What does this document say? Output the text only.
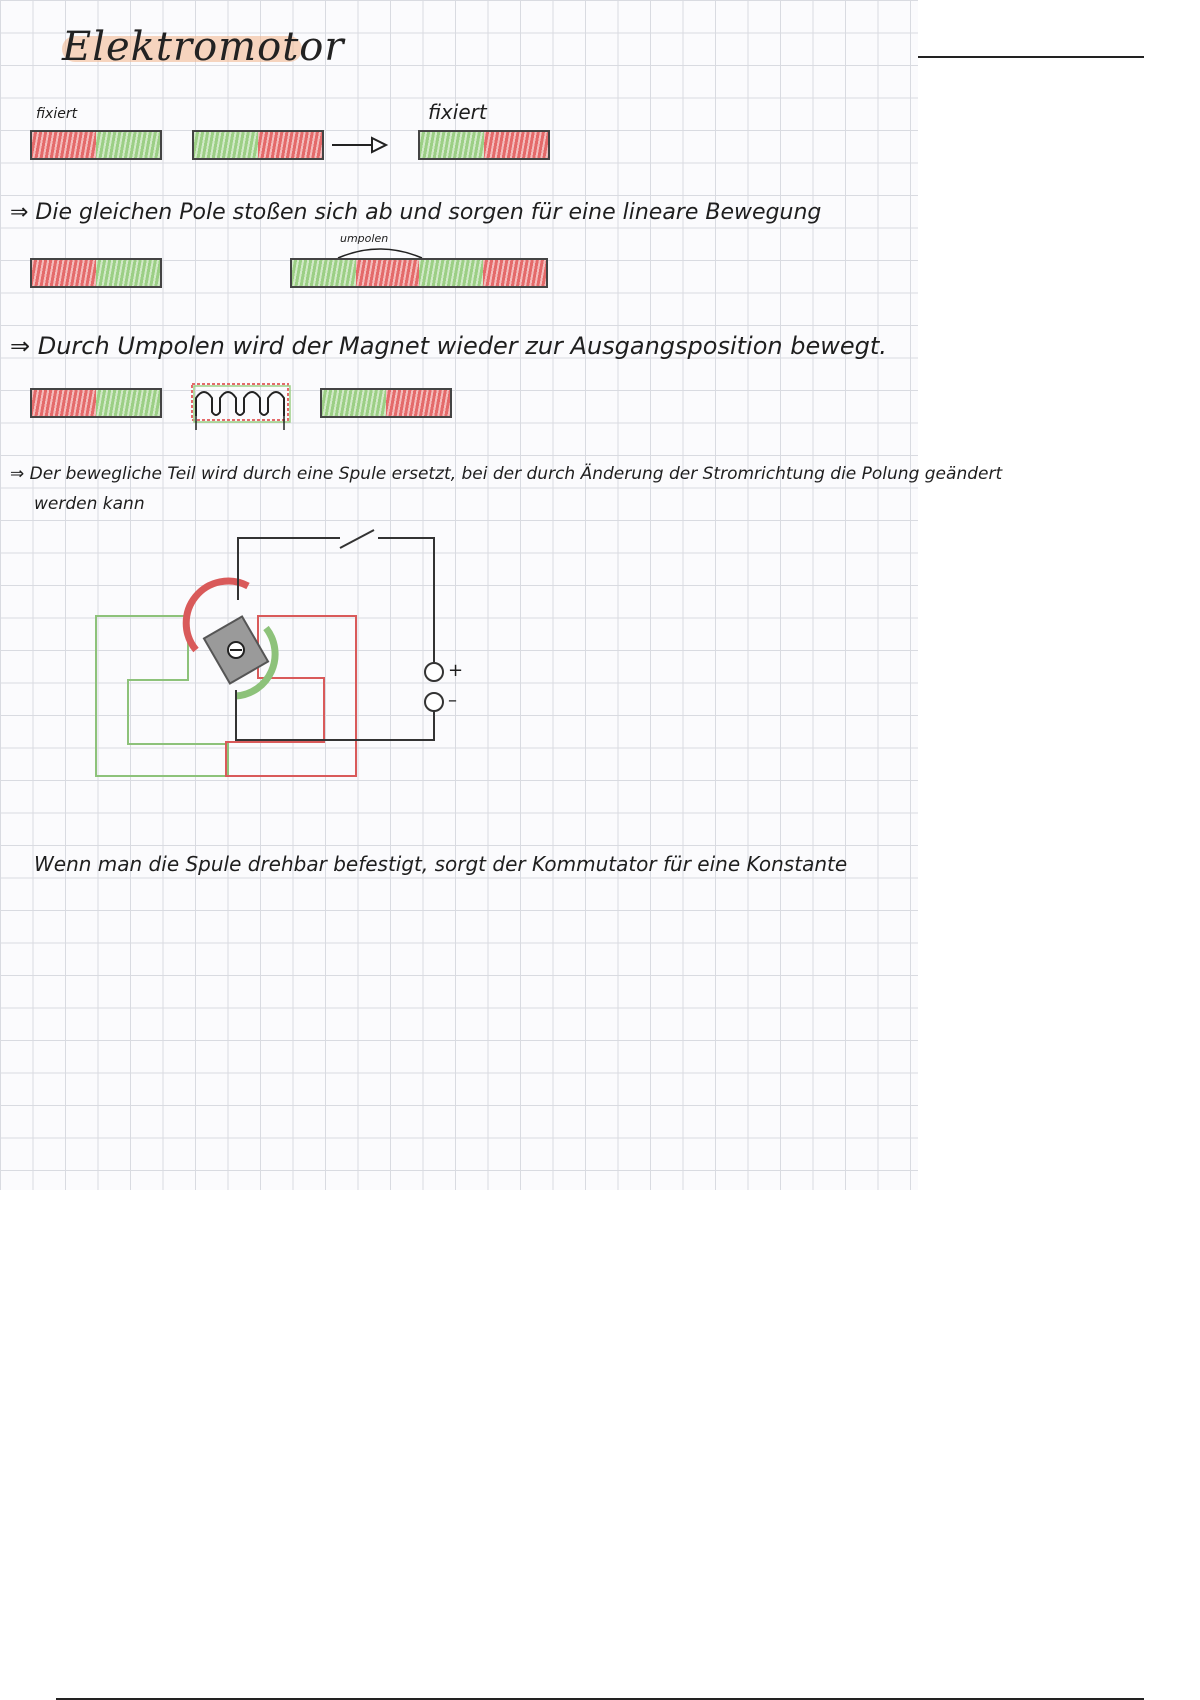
Elektromotor
fixiert	fixiert
⇒ Die gleichen Pole stoßen sich ab und sorgen für eine lineare Bewegung
umpolen
⇒ Durch Umpolen wird der Magnet wieder zur Ausgangsposition bewegt.
⇒ Der bewegliche Teil wird durch eine Spule ersetzt, bei der durch Änderung der Stromrichtung die Polung geändert
werden kann
+
–
Wenn man die Spule drehbar befestigt, sorgt der Kommutator für eine Konstante
